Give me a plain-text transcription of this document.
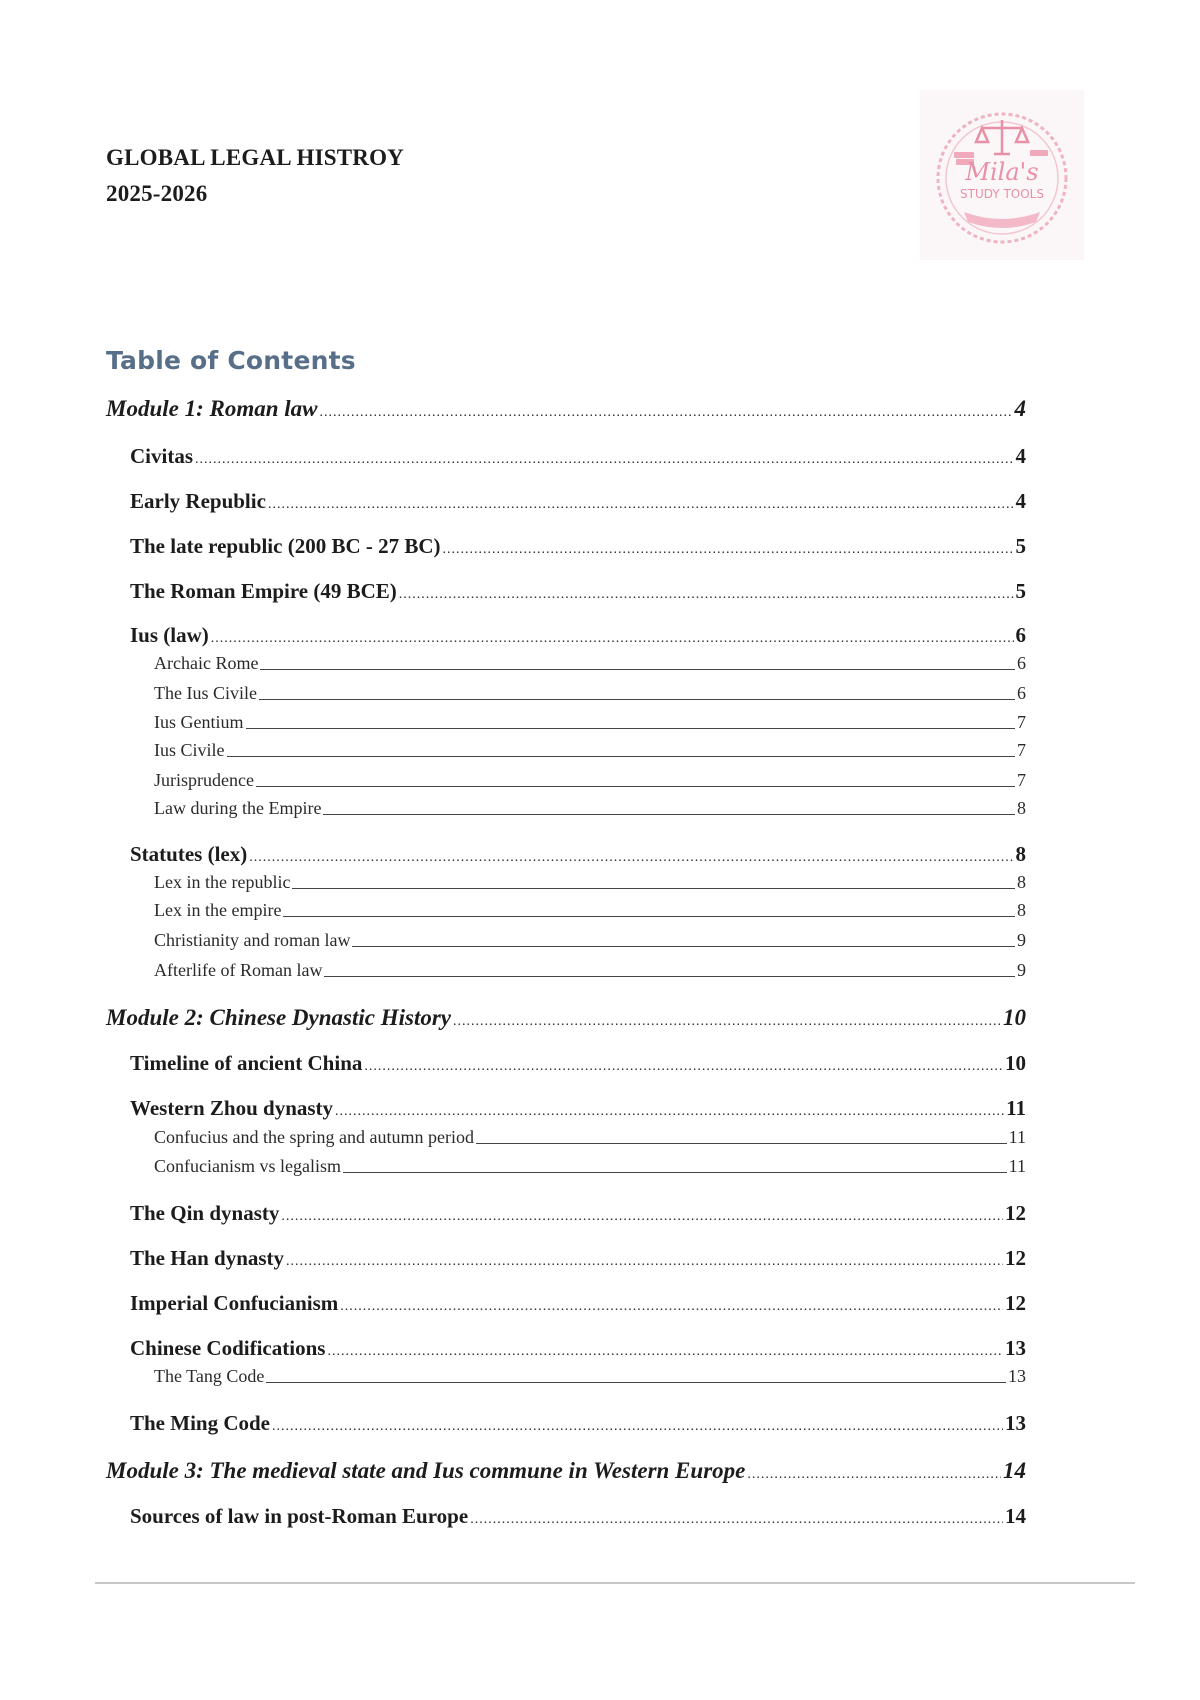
GLOBAL LEGAL HISTROY
2025-2026
Mila's
STUDY TOOLS
Table of Contents
Module 1: Roman law .....	4
Civitas .....	4
Early Republic .....	4
The late republic (200 BC - 27 BC) .....	5
The Roman Empire (49 BCE) .....	5
Ius (law) .....	6
Archaic Rome	6
The Ius Civile	6
Ius Gentium	7
Ius Civile	7
Jurisprudence	7
Law during the Empire	8
Statutes (lex) .....	8
Lex in the republic	8
Lex in the empire	8
Christianity and roman law	9
Afterlife of Roman law	9
Module 2: Chinese Dynastic History .....	10
Timeline of ancient China .....	10
Western Zhou dynasty .....	11
Confucius and the spring and autumn period	11
Confucianism vs legalism	11
The Qin dynasty .....	12
The Han dynasty .....	12
Imperial Confucianism .....	12
Chinese Codifications .....	13
The Tang Code	13
The Ming Code .....	13
Module 3: The medieval state and Ius commune in Western Europe .....	14
Sources of law in post-Roman Europe .....	14
